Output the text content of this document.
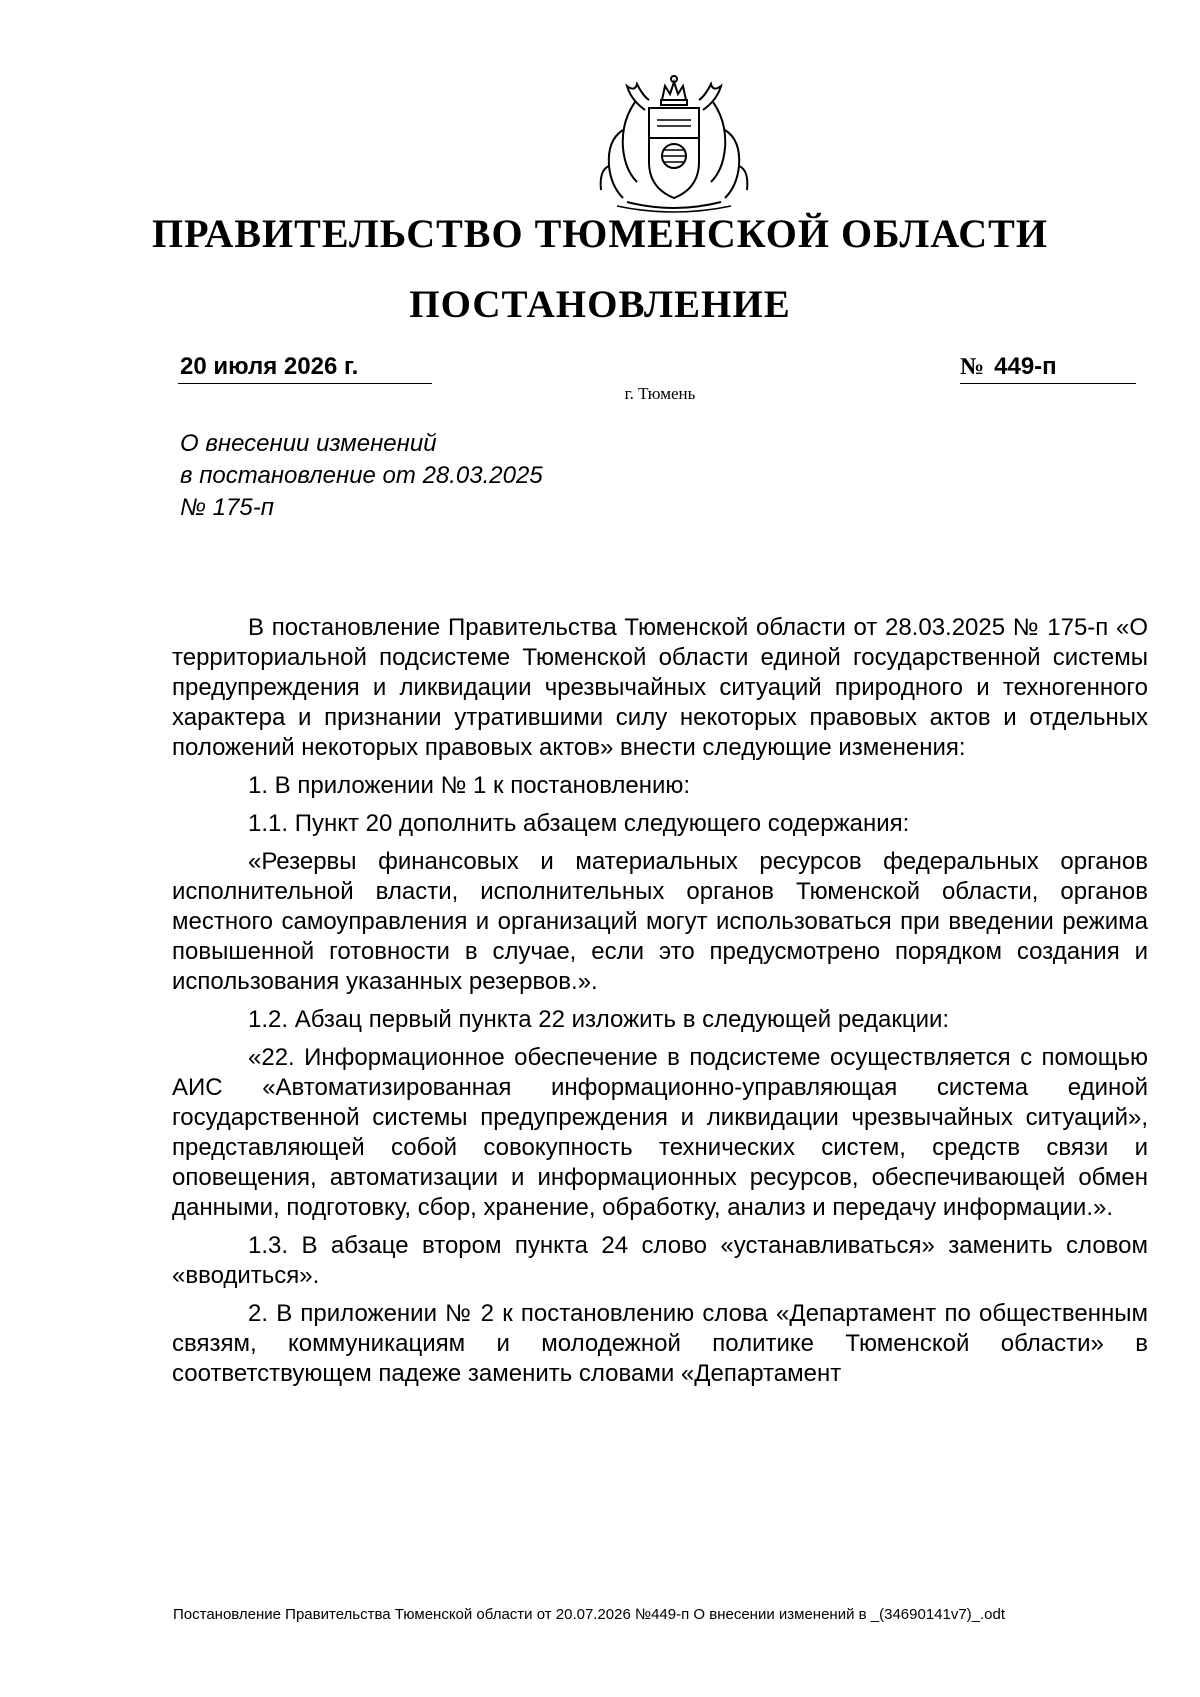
ПРАВИТЕЛЬСТВО ТЮМЕНСКОЙ ОБЛАСТИ
ПОСТАНОВЛЕНИЕ
20 июля 2026 г.	№ 449-п
г. Тюмень
О внесении изменений
в постановление от 28.03.2025
№ 175-п

В постановление Правительства Тюменской области от 28.03.2025 № 175-п «О территориальной подсистеме Тюменской области единой государственной системы предупреждения и ликвидации чрезвычайных ситуаций природного и техногенного характера и признании утратившими силу некоторых правовых актов и отдельных положений некоторых правовых актов» внести следующие изменения:

1. В приложении № 1 к постановлению:

1.1. Пункт 20 дополнить абзацем следующего содержания:

«Резервы финансовых и материальных ресурсов федеральных органов исполнительной власти, исполнительных органов Тюменской области, органов местного самоуправления и организаций могут использоваться при введении режима повышенной готовности в случае, если это предусмотрено порядком создания и использования указанных резервов.».

1.2. Абзац первый пункта 22 изложить в следующей редакции:

«22. Информационное обеспечение в подсистеме осуществляется с помощью АИС «Автоматизированная информационно-управляющая система единой государственной системы предупреждения и ликвидации чрезвычайных ситуаций», представляющей собой совокупность технических систем, средств связи и оповещения, автоматизации и информационных ресурсов, обеспечивающей обмен данными, подготовку, сбор, хранение, обработку, анализ и передачу информации.».

1.3. В абзаце втором пункта 24 слово «устанавливаться» заменить словом «вводиться».

2. В приложении № 2 к постановлению слова «Департамент по общественным связям, коммуникациям и молодежной политике Тюменской области» в соответствующем падеже заменить словами «Департамент

Постановление Правительства Тюменской области от 20.07.2026 №449-п О внесении изменений в _(34690141v7)_.odt
